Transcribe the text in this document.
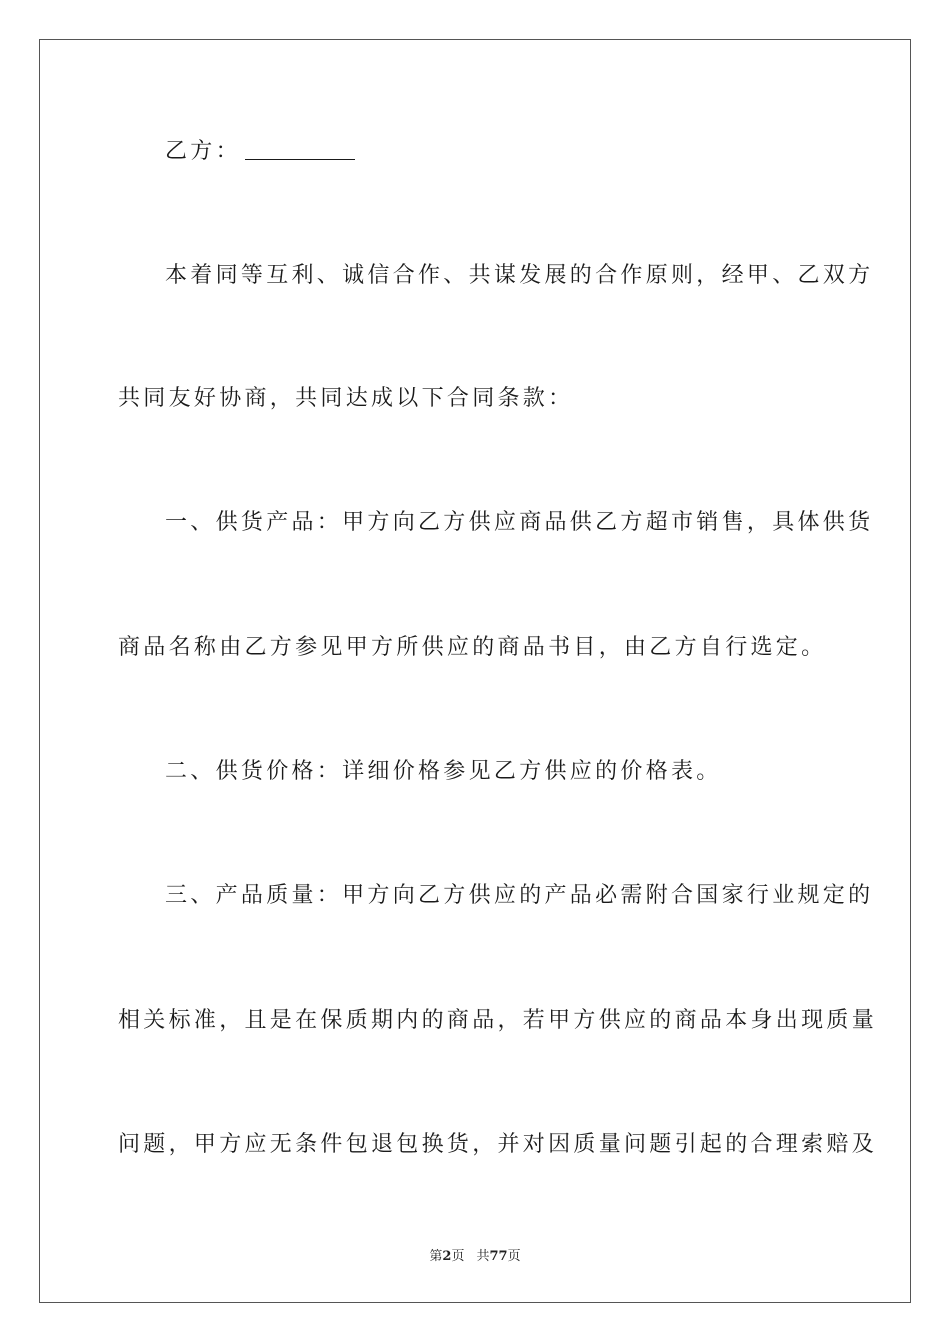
乙方：
本着同等互利、诚信合作、共谋发展的合作原则，经甲、乙双方
共同友好协商，共同达成以下合同条款：
一、供货产品：甲方向乙方供应商品供乙方超市销售，具体供货
商品名称由乙方参见甲方所供应的商品书目，由乙方自行选定。
二、供货价格：详细价格参见乙方供应的价格表。
三、产品质量：甲方向乙方供应的产品必需附合国家行业规定的
相关标准，且是在保质期内的商品，若甲方供应的商品本身出现质量
问题，甲方应无条件包退包换货，并对因质量问题引起的合理索赔及
第2页 共77页
